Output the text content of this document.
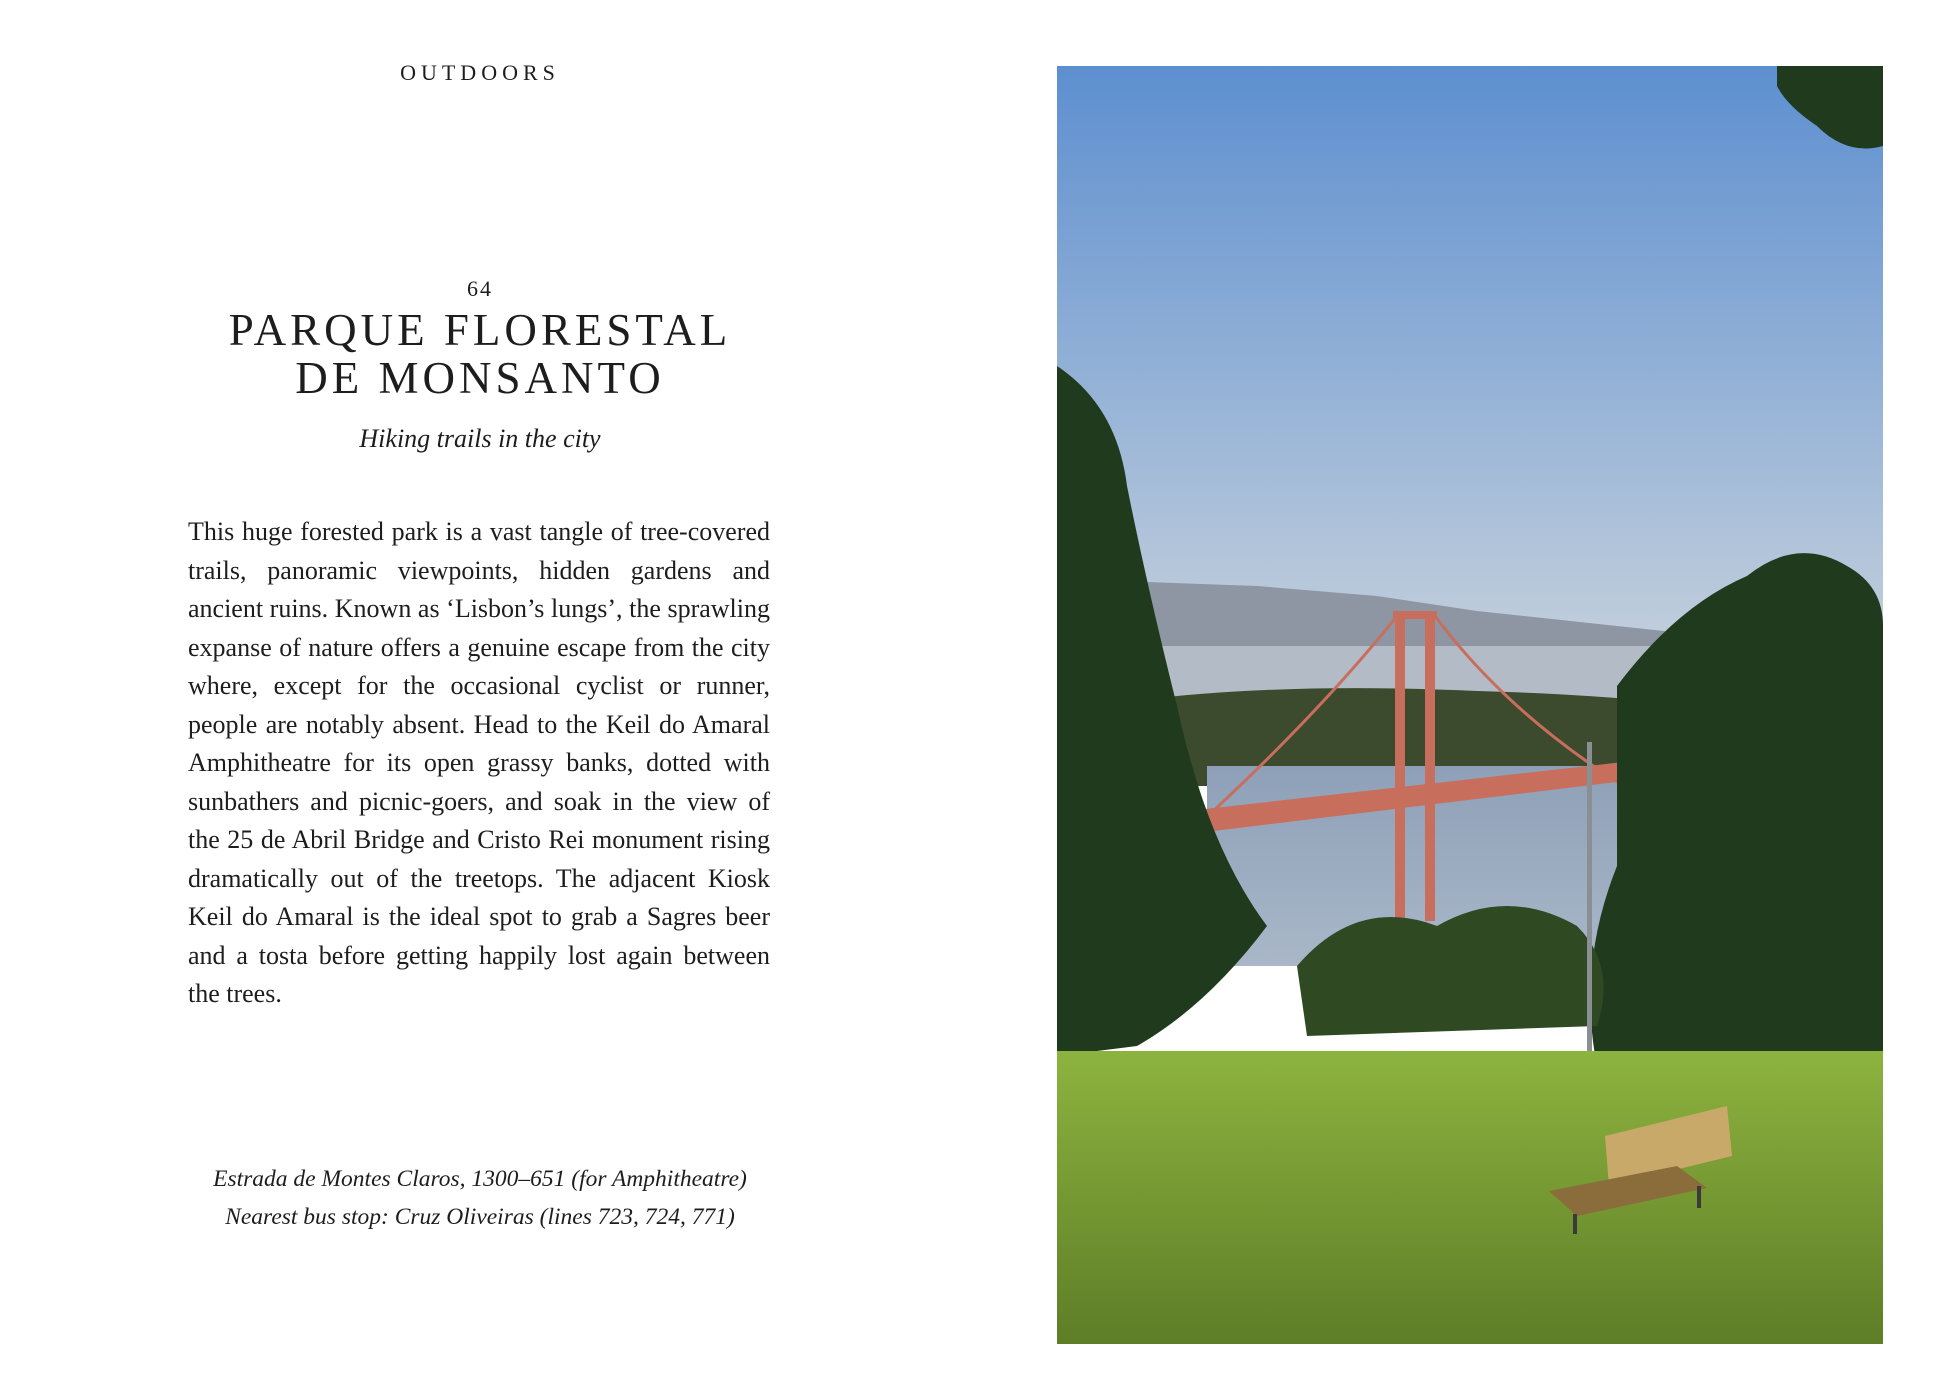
OUTDOORS
64
PARQUE FLORESTAL
DE MONSANTO
Hiking trails in the city

This huge forested park is a vast tangle of tree-covered trails, panoramic viewpoints, hidden gardens and ancient ruins. Known as ‘Lisbon’s lungs’, the sprawling expanse of nature offers a genuine escape from the city where, except for the occasional cyclist or runner, people are notably absent. Head to the Keil do Amaral Amphitheatre for its open grassy banks, dotted with sunbathers and picnic-goers, and soak in the view of the 25 de Abril Bridge and Cristo Rei monument rising dramatically out of the treetops. The adjacent Kiosk Keil do Amaral is the ideal spot to grab a Sagres beer and a tosta before getting happily lost again between the trees.

Estrada de Montes Claros, 1300–651 (for Amphitheatre)
Nearest bus stop: Cruz Oliveiras (lines 723, 724, 771)
